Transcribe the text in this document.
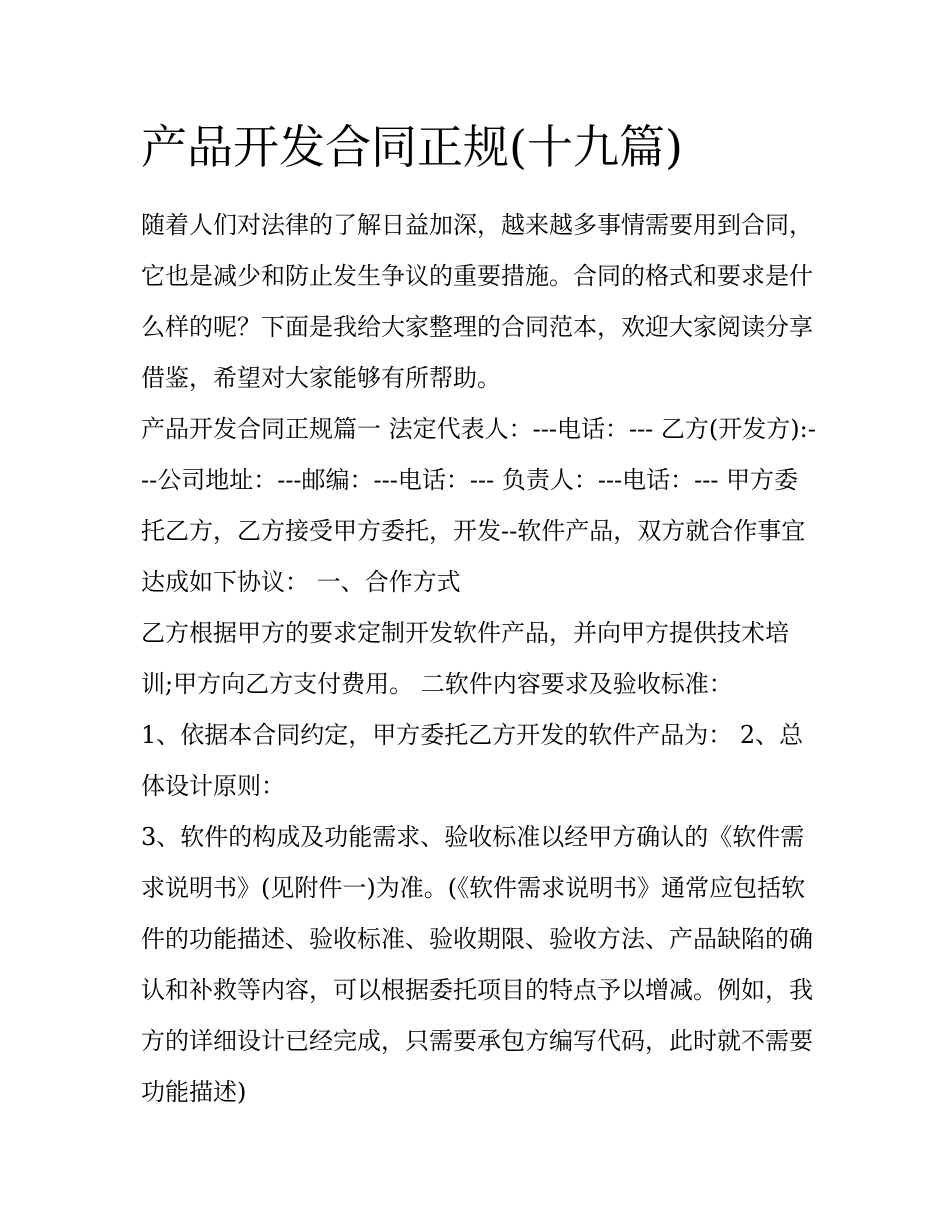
产品开发合同正规(十九篇)

随着人们对法律的了解日益加深，越来越多事情需要用到合同，它也是减少和防止发生争议的重要措施。合同的格式和要求是什么样的呢？下面是我给大家整理的合同范本，欢迎大家阅读分享借鉴，希望对大家能够有所帮助。

产品开发合同正规篇一 法定代表人：---电话：--- 乙方(开发方):---公司地址：---邮编：---电话：--- 负责人：---电话：--- 甲方委托乙方，乙方接受甲方委托，开发--软件产品，双方就合作事宜达成如下协议： 一、合作方式

乙方根据甲方的要求定制开发软件产品，并向甲方提供技术培训;甲方向乙方支付费用。 二软件内容要求及验收标准：

1、依据本合同约定，甲方委托乙方开发的软件产品为： 2、总体设计原则：

3、软件的构成及功能需求、验收标准以经甲方确认的《软件需求说明书》(见附件一)为准。(《软件需求说明书》通常应包括软件的功能描述、验收标准、验收期限、验收方法、产品缺陷的确认和补救等内容，可以根据委托项目的特点予以增减。例如，我方的详细设计已经完成，只需要承包方编写代码，此时就不需要功能描述)
